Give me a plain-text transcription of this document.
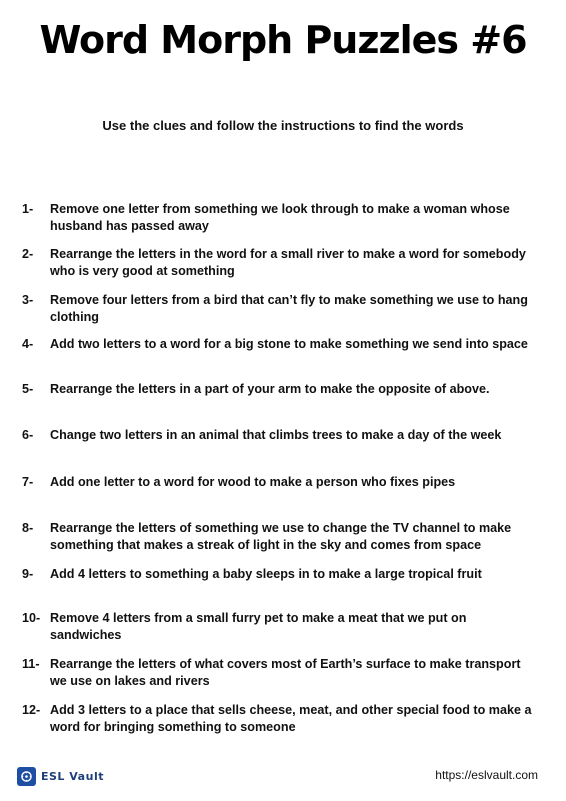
Word Morph Puzzles #6
Use the clues and follow the instructions to find the words
1- Remove one letter from something we look through to make a woman whose
husband has passed away
2- Rearrange the letters in the word for a small river to make a word for somebody
who is very good at something
3- Remove four letters from a bird that can’t fly to make something we use to hang
clothing
4- Add two letters to a word for a big stone to make something we send into space
5- Rearrange the letters in a part of your arm to make the opposite of above.
6- Change two letters in an animal that climbs trees to make a day of the week
7- Add one letter to a word for wood to make a person who fixes pipes
8- Rearrange the letters of something we use to change the TV channel to make
something that makes a streak of light in the sky and comes from space
9- Add 4 letters to something a baby sleeps in to make a large tropical fruit
10- Remove 4 letters from a small furry pet to make a meat that we put on
sandwiches
11- Rearrange the letters of what covers most of Earth’s surface to make transport
we use on lakes and rivers
12- Add 3 letters to a place that sells cheese, meat, and other special food to make a
word for bringing something to someone
ESL Vault	https://eslvault.com
